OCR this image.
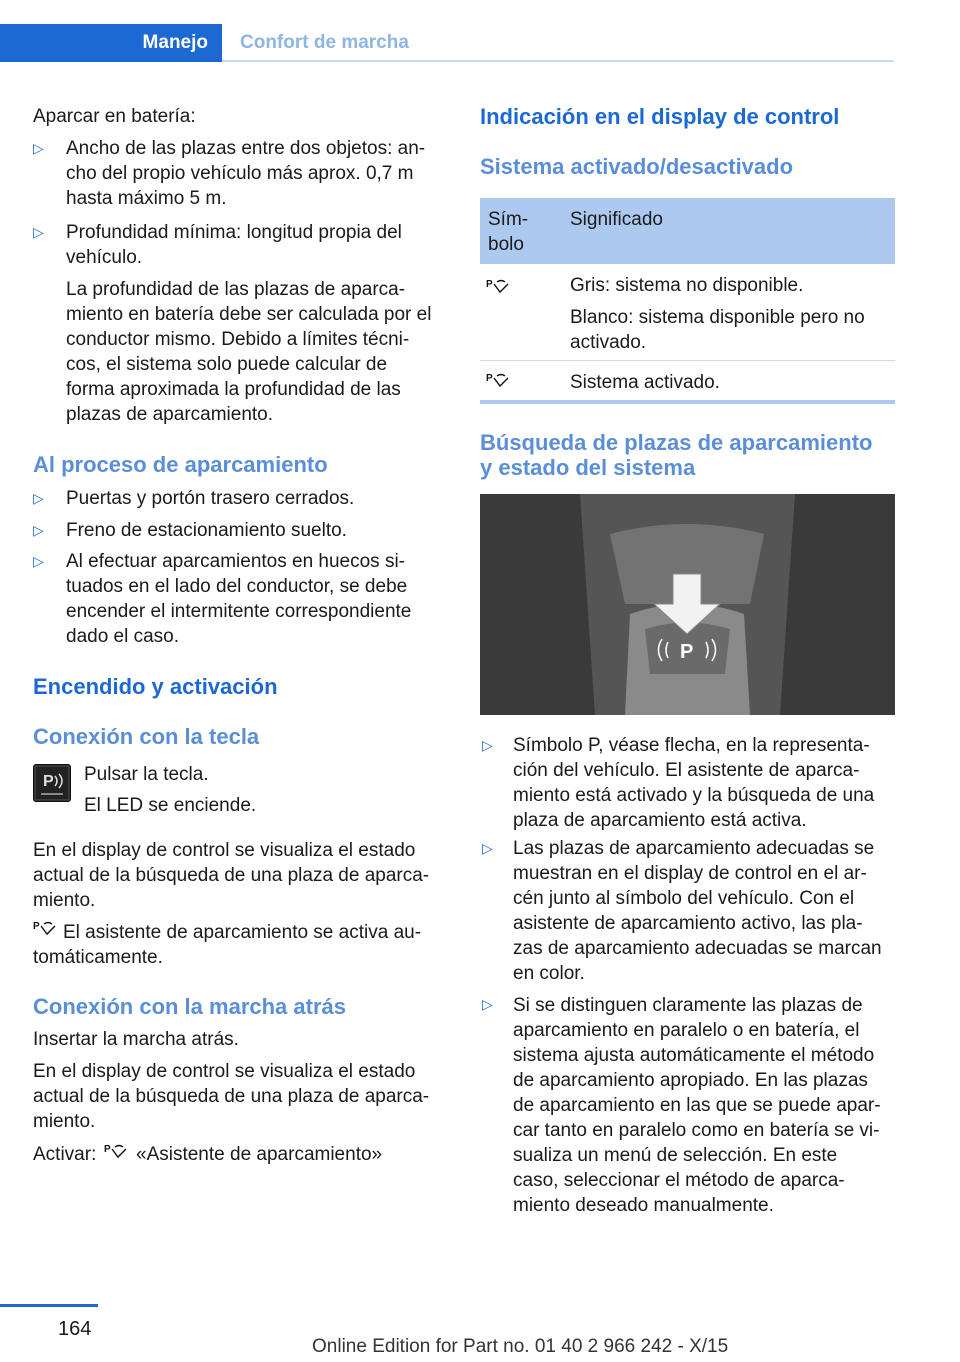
Manejo Confort de marcha
Aparcar en batería:
▷ Ancho de las plazas entre dos objetos: an-
cho del propio vehículo más aprox. 0,7 m
hasta máximo 5 m.
▷ Profundidad mínima: longitud propia del
vehículo.
La profundidad de las plazas de aparca-
miento en batería debe ser calculada por el
conductor mismo. Debido a límites técni-
cos, el sistema solo puede calcular de
forma aproximada la profundidad de las
plazas de aparcamiento.
Al proceso de aparcamiento
▷ Puertas y portón trasero cerrados.
▷ Freno de estacionamiento suelto.
▷ Al efectuar aparcamientos en huecos si-
tuados en el lado del conductor, se debe
encender el intermitente correspondiente
dado el caso.
Encendido y activación
Conexión con la tecla
P Pulsar la tecla.
El LED se enciende.
En el display de control se visualiza el estado
actual de la búsqueda de una plaza de aparca-
miento.
P El asistente de aparcamiento se activa au-
tomáticamente.
Conexión con la marcha atrás
Insertar la marcha atrás.
En el display de control se visualiza el estado
actual de la búsqueda de una plaza de aparca-
miento.
Activar: P «Asistente de aparcamiento»
Indicación en el display de control
Sistema activado/desactivado
Sím-
bolo
Significado
P	Gris: sistema no disponible.
Blanco: sistema disponible pero no
activado.
P	Sistema activado.
Búsqueda de plazas de aparcamiento
y estado del sistema
P
▷ Símbolo P, véase flecha, en la representa-
ción del vehículo. El asistente de aparca-
miento está activado y la búsqueda de una
plaza de aparcamiento está activa.
▷ Las plazas de aparcamiento adecuadas se
muestran en el display de control en el ar-
cén junto al símbolo del vehículo. Con el
asistente de aparcamiento activo, las pla-
zas de aparcamiento adecuadas se marcan
en color.
▷ Si se distinguen claramente las plazas de
aparcamiento en paralelo o en batería, el
sistema ajusta automáticamente el método
de aparcamiento apropiado. En las plazas
de aparcamiento en las que se puede apar-
car tanto en paralelo como en batería se vi-
sualiza un menú de selección. En este
caso, seleccionar el método de aparca-
miento deseado manualmente.
164
Online Edition for Part no. 01 40 2 966 242 - X/15
